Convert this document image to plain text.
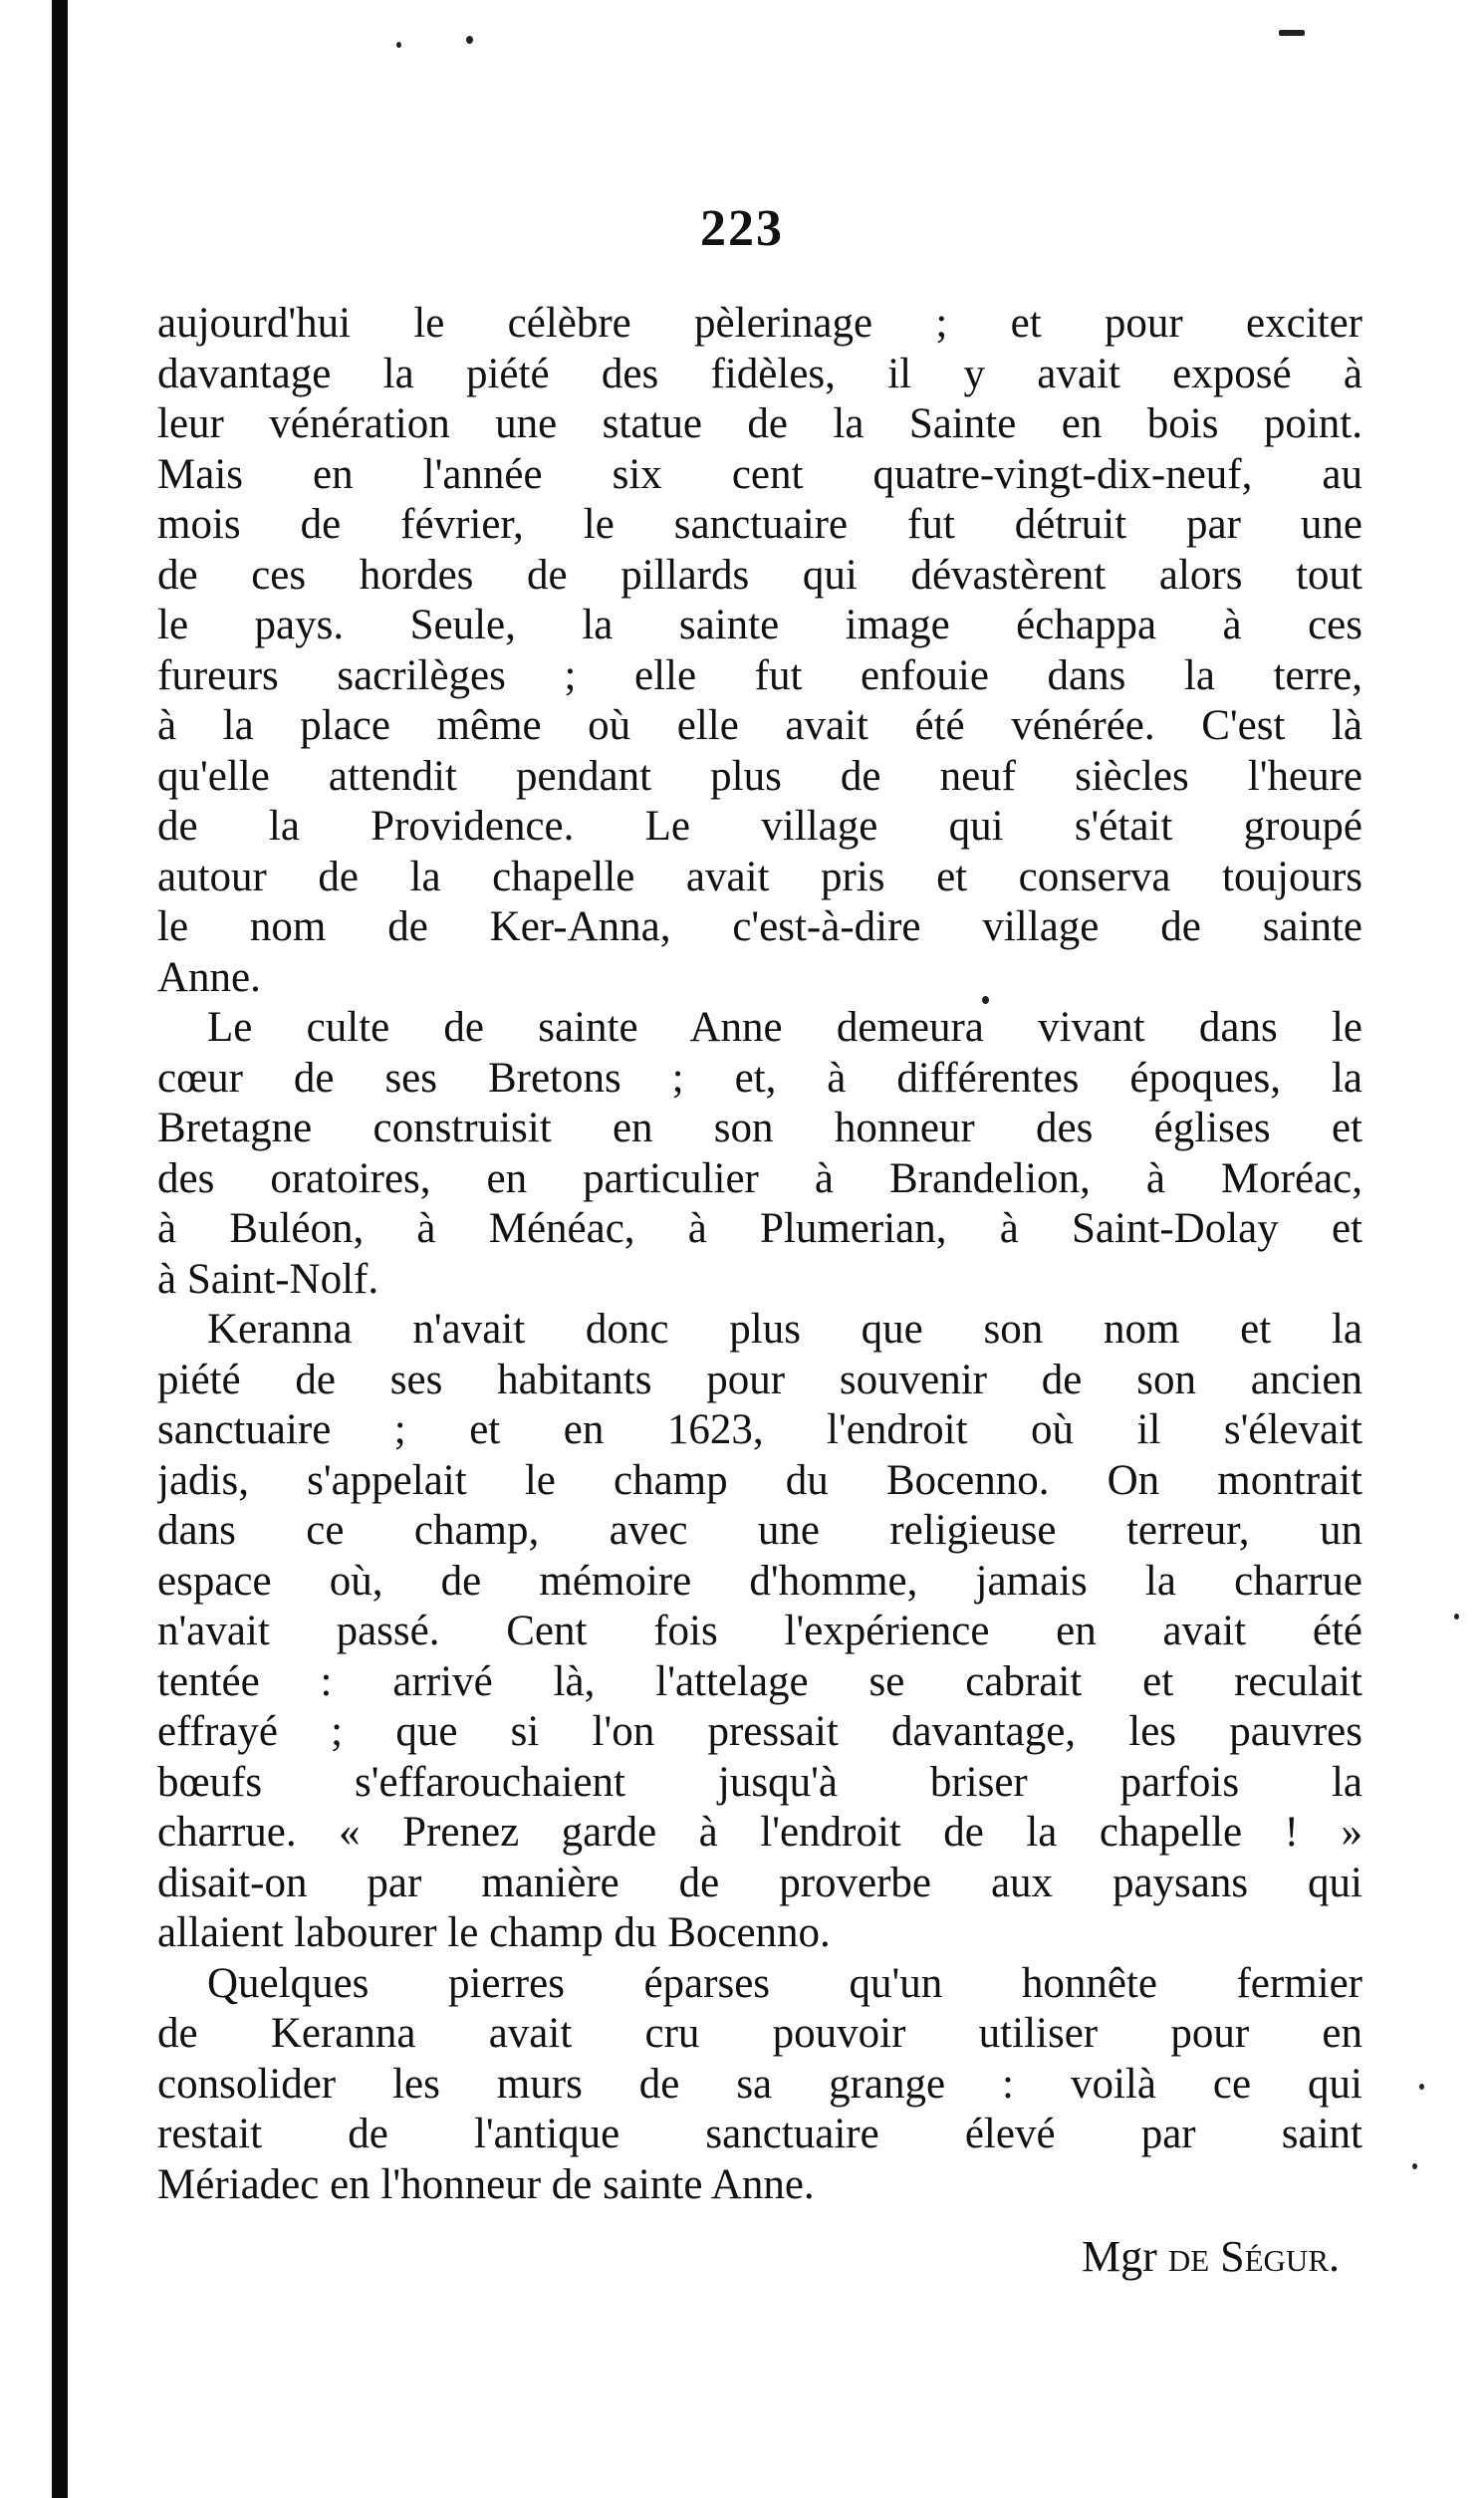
223
aujourd'hui le célèbre pèlerinage ; et pour exciter
davantage la piété des fidèles, il y avait exposé à
leur vénération une statue de la Sainte en bois point.
Mais en l'année six cent quatre-vingt-dix-neuf, au
mois de février, le sanctuaire fut détruit par une
de ces hordes de pillards qui dévastèrent alors tout
le pays. Seule, la sainte image échappa à ces
fureurs sacrilèges ; elle fut enfouie dans la terre,
à la place même où elle avait été vénérée. C'est là
qu'elle attendit pendant plus de neuf siècles l'heure
de la Providence. Le village qui s'était groupé
autour de la chapelle avait pris et conserva toujours
le nom de Ker-Anna, c'est-à-dire village de sainte
Anne.
Le culte de sainte Anne demeura vivant dans le
cœur de ses Bretons ; et, à différentes époques, la
Bretagne construisit en son honneur des églises et
des oratoires, en particulier à Brandelion, à Moréac,
à Buléon, à Ménéac, à Plumerian, à Saint-Dolay et
à Saint-Nolf.
Keranna n'avait donc plus que son nom et la
piété de ses habitants pour souvenir de son ancien
sanctuaire ; et en 1623, l'endroit où il s'élevait
jadis, s'appelait le champ du Bocenno. On montrait
dans ce champ, avec une religieuse terreur, un
espace où, de mémoire d'homme, jamais la charrue
n'avait passé. Cent fois l'expérience en avait été
tentée : arrivé là, l'attelage se cabrait et reculait
effrayé ; que si l'on pressait davantage, les pauvres
bœufs s'effarouchaient jusqu'à briser parfois la
charrue. « Prenez garde à l'endroit de la chapelle ! »
disait-on par manière de proverbe aux paysans qui
allaient labourer le champ du Bocenno.
Quelques pierres éparses qu'un honnête fermier
de Keranna avait cru pouvoir utiliser pour en
consolider les murs de sa grange : voilà ce qui
restait de l'antique sanctuaire élevé par saint
Mériadec en l'honneur de sainte Anne.
Mgr de Ségur.
